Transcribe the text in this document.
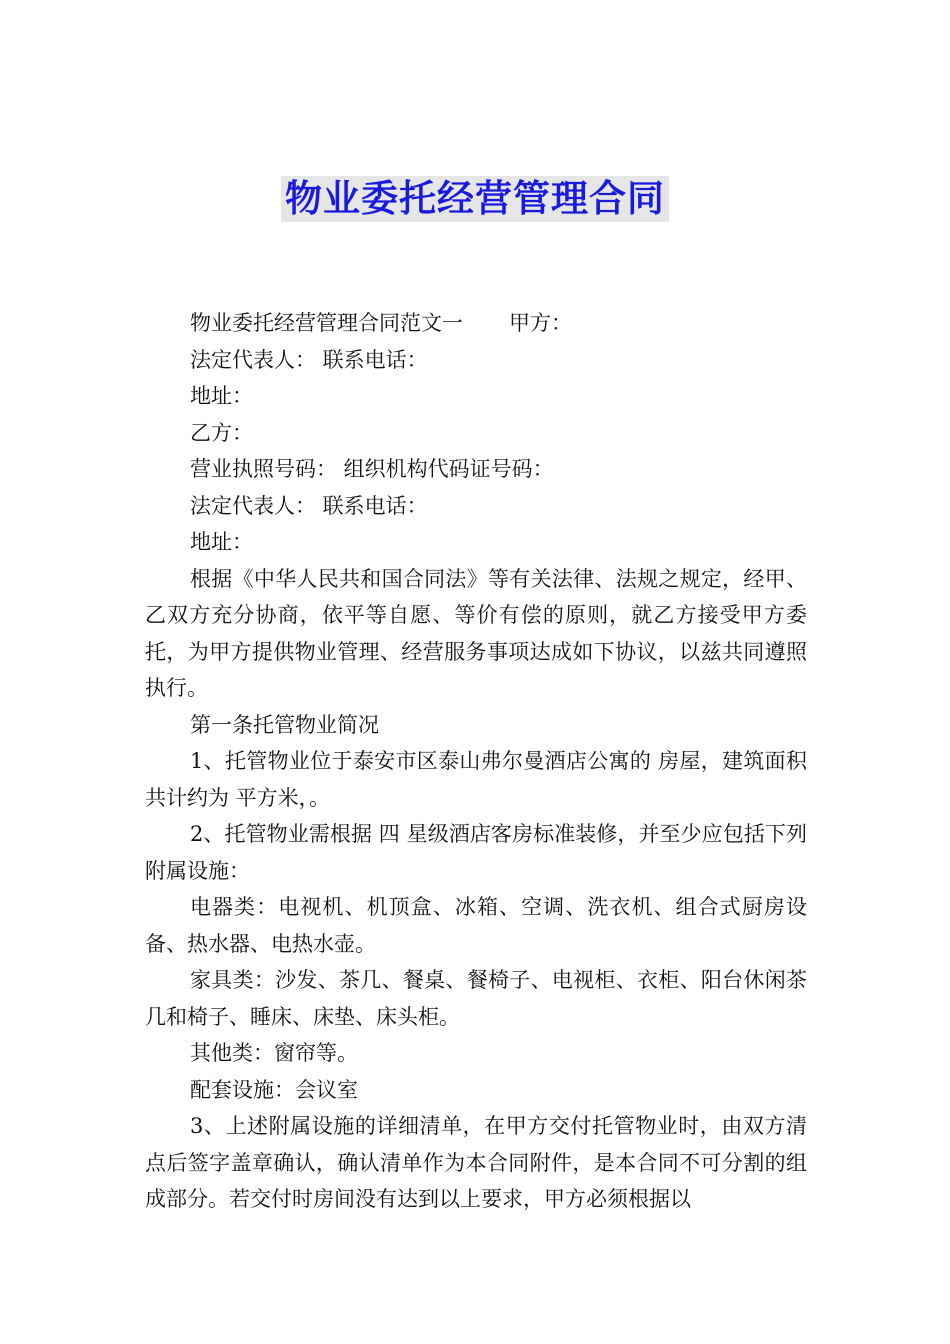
物业委托经营管理合同

物业委托经营管理合同范文一 甲方：

法定代表人： 联系电话：

地址：

乙方：

营业执照号码： 组织机构代码证号码：

法定代表人： 联系电话：

地址：

根据《中华人民共和国合同法》等有关法律、法规之规定，经甲、乙双方充分协商，依平等自愿、等价有偿的原则，就乙方接受甲方委托，为甲方提供物业管理、经营服务事项达成如下协议，以兹共同遵照执行。

第一条托管物业简况

1、托管物业位于泰安市区泰山弗尔曼酒店公寓的 房屋，建筑面积共计约为 平方米，。

2、托管物业需根据 四 星级酒店客房标准装修，并至少应包括下列附属设施：

电器类：电视机、机顶盒、冰箱、空调、洗衣机、组合式厨房设备、热水器、电热水壶。

家具类：沙发、茶几、餐桌、餐椅子、电视柜、衣柜、阳台休闲茶几和椅子、睡床、床垫、床头柜。

其他类：窗帘等。

配套设施：会议室

3、上述附属设施的详细清单，在甲方交付托管物业时，由双方清点后签字盖章确认，确认清单作为本合同附件，是本合同不可分割的组成部分。若交付时房间没有达到以上要求，甲方必须根据以
